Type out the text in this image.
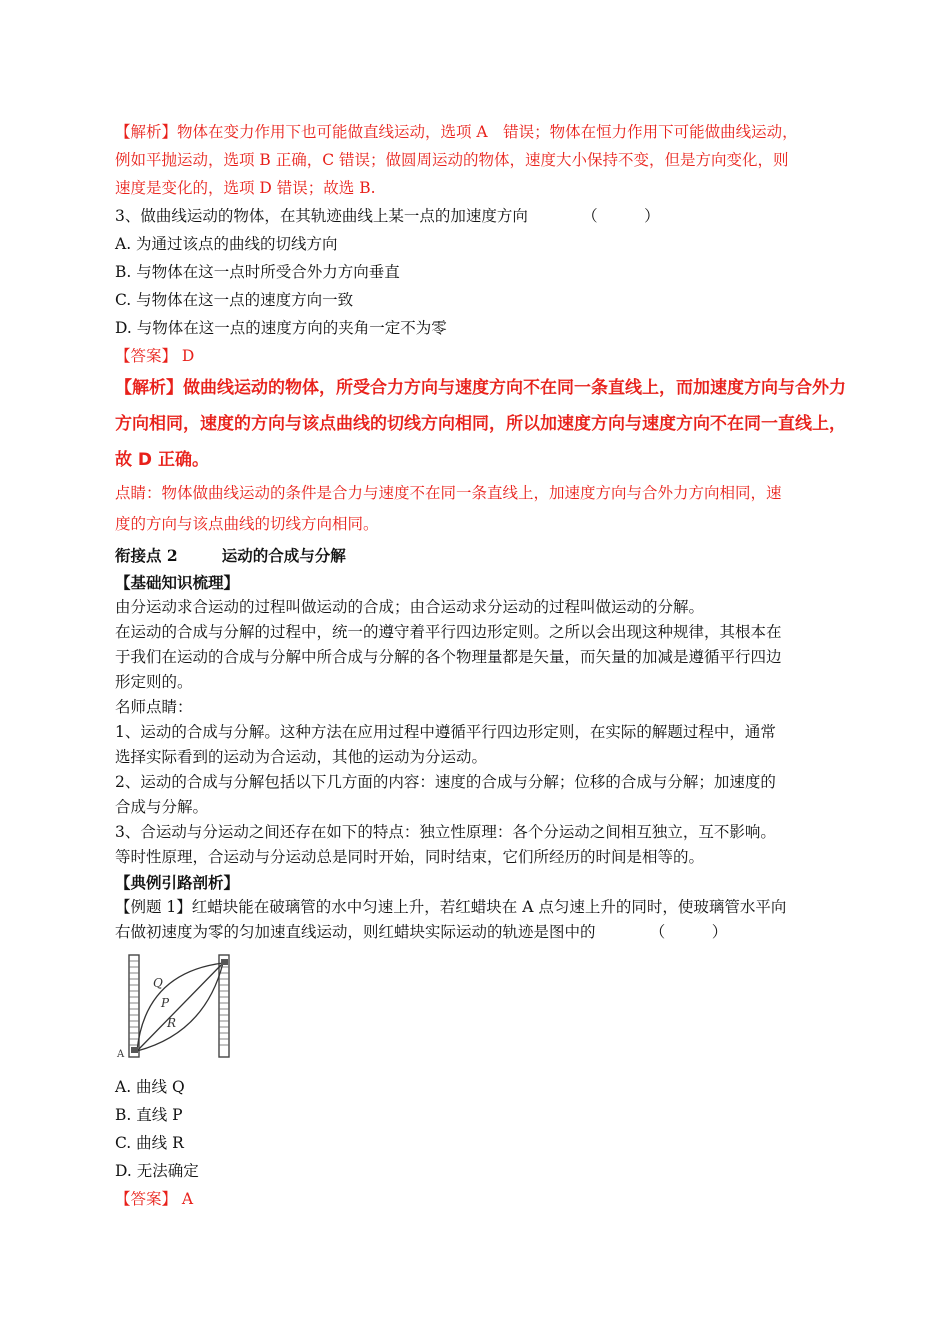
【解析】物体在变力作用下也可能做直线运动，选项 A　错误；物体在恒力作用下可能做曲线运动，
例如平抛运动，选项 B 正确，C 错误；做圆周运动的物体，速度大小保持不变，但是方向变化，则
速度是变化的，选项 D 错误；故选 B.
3、做曲线运动的物体，在其轨迹曲线上某一点的加速度方向　　　　（　　　）
A. 为通过该点的曲线的切线方向
B. 与物体在这一点时所受合外力方向垂直
C. 与物体在这一点的速度方向一致
D. 与物体在这一点的速度方向的夹角一定不为零
【答案】 D
【解析】做曲线运动的物体，所受合力方向与速度方向不在同一条直线上，而加速度方向与合外力
方向相同，速度的方向与该点曲线的切线方向相同，所以加速度方向与速度方向不在同一直线上，
故 D 正确。
点睛：物体做曲线运动的条件是合力与速度不在同一条直线上，加速度方向与合外力方向相同，速
度的方向与该点曲线的切线方向相同。
衔接点 2	运动的合成与分解
【基础知识梳理】
由分运动求合运动的过程叫做运动的合成；由合运动求分运动的过程叫做运动的分解。
在运动的合成与分解的过程中，统一的遵守着平行四边形定则。之所以会出现这种规律，其根本在
于我们在运动的合成与分解中所合成与分解的各个物理量都是矢量，而矢量的加减是遵循平行四边
形定则的。
名师点睛：
1、运动的合成与分解。这种方法在应用过程中遵循平行四边形定则，在实际的解题过程中，通常
选择实际看到的运动为合运动，其他的运动为分运动。
2、运动的合成与分解包括以下几方面的内容：速度的合成与分解；位移的合成与分解；加速度的
合成与分解。
3、合运动与分运动之间还存在如下的特点：独立性原理：各个分运动之间相互独立，互不影响。
等时性原理，合运动与分运动总是同时开始，同时结束，它们所经历的时间是相等的。
【典例引路剖析】
【例题 1】红蜡块能在破璃管的水中匀速上升，若红蜡块在 A 点匀速上升的同时，使玻璃管水平向
右做初速度为零的匀加速直线运动，则红蜡块实际运动的轨迹是图中的　　　　（　　　）
Q
P
R
A
A. 曲线 Q
B. 直线 P
C. 曲线 R
D. 无法确定
【答案】 A
